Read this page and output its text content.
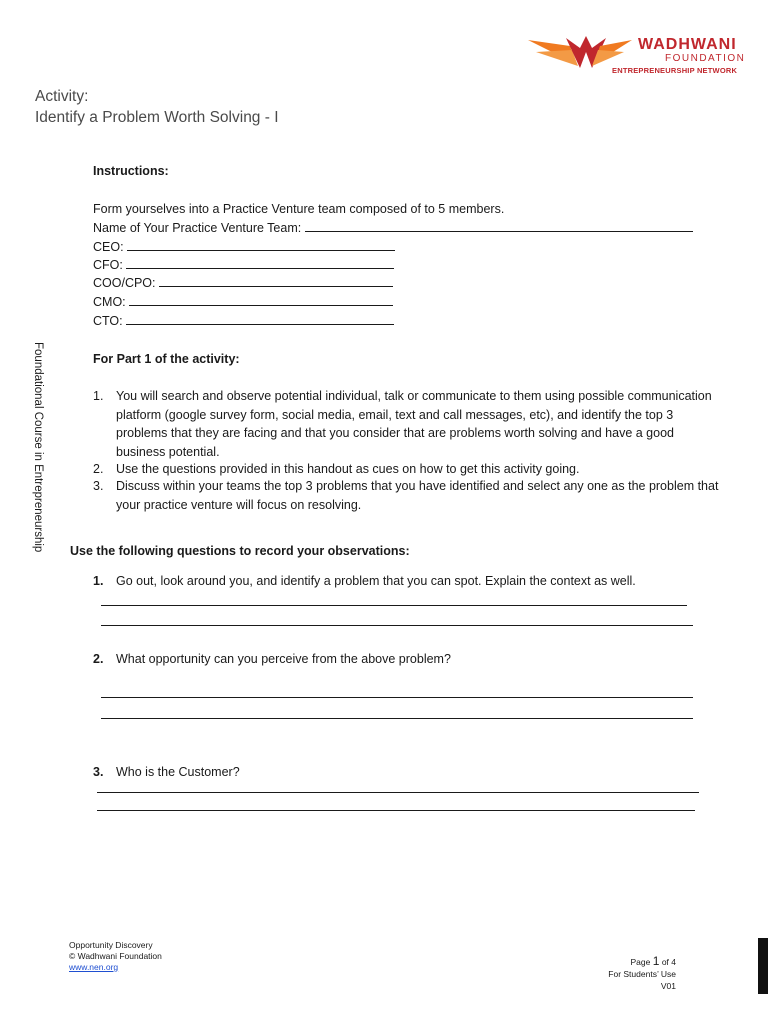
WADHWANI
FOUNDATION
ENTREPRENEURSHIP NETWORK
Activity:
Identify a Problem Worth Solving - I
Foundational Course in Entrepreneurship
Instructions:
Form yourselves into a Practice Venture team composed of to 5 members.
Name of Your Practice Venture Team:
CEO:
CFO:
COO/CPO:
CMO:
CTO:
For Part 1 of the activity:
1. You will search and observe potential individual, talk or communicate to them using possible communication platform (google survey form, social media, email, text and call messages, etc), and identify the top 3 problems that they are facing and that you consider that are problems worth solving and have a good business potential.
2. Use the questions provided in this handout as cues on how to get this activity going.
3. Discuss within your teams the top 3 problems that you have identified and select any one as the problem that your practice venture will focus on resolving.
Use the following questions to record your observations:
1. Go out, look around you, and identify a problem that you can spot. Explain the context as well.
2. What opportunity can you perceive from the above problem?
3. Who is the Customer?
Opportunity Discovery
© Wadhwani Foundation
www.nen.org	Page 1 of 4
For Students’ Use
V01
